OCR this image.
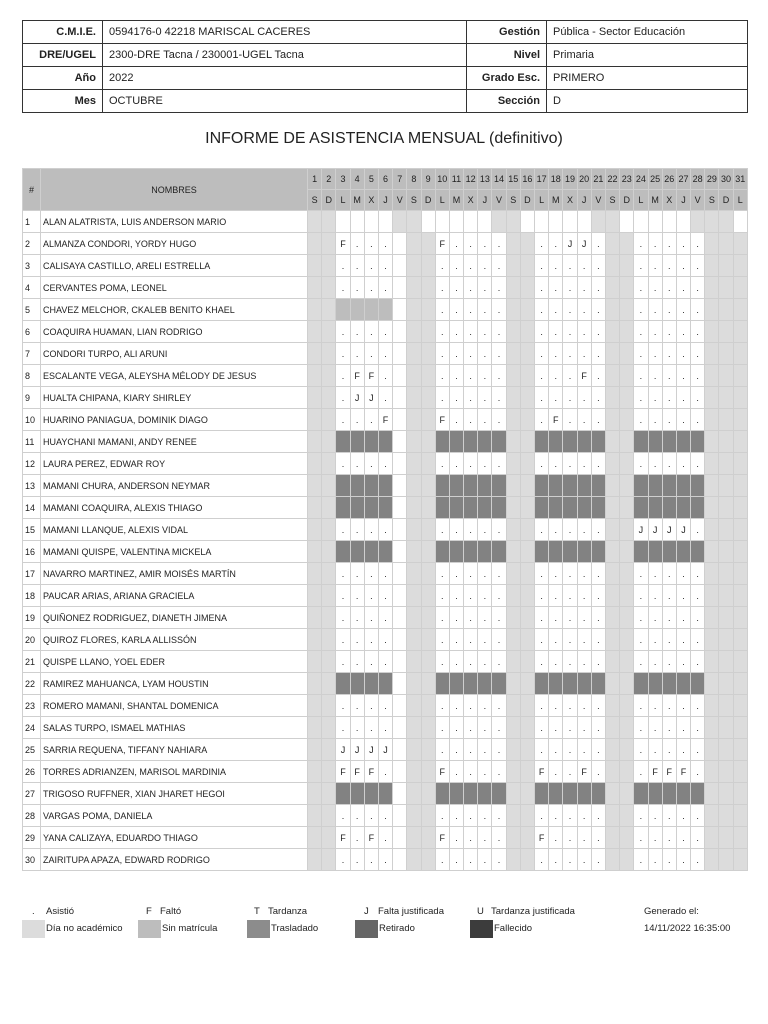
C.M.I.E.	0594176-0 42218 MARISCAL CACERES	Gestión	Pública - Sector Educación
DRE/UGEL	2300-DRE Tacna / 230001-UGEL Tacna	Nivel	Primaria
Año	2022	Grado Esc.	PRIMERO
Mes	OCTUBRE	Sección	D
INFORME DE ASISTENCIA MENSUAL (definitivo)
#	NOMBRES	1	2	3	4	5	6	7	8	9	10	11	12	13	14	15	16	17	18	19	20	21	22	23	24	25	26	27	28	29	30	31
		S	D	L	M	X	J	V	S	D	L	M	X	J	V	S	D	L	M	X	J	V	S	D	L	M	X	J	V	S	D	L
1	ALAN ALATRISTA, LUIS ANDERSON MARIO																															
2	ALMANZA CONDORI, YORDY HUGO			F	.	.	.				F	.	.	.	.			.	.	J	J	.			.	.	.	.	.			
3	CALISAYA CASTILLO, ARELI ESTRELLA			.	.	.	.				.	.	.	.	.			.	.	.	.	.			.	.	.	.	.			
4	CERVANTES POMA, LEONEL			.	.	.	.				.	.	.	.	.			.	.	.	.	.			.	.	.	.	.			
5	CHAVEZ MELCHOR, CKALEB BENITO KHAEL										.	.	.	.	.			.	.	.	.	.			.	.	.	.	.			
6	COAQUIRA HUAMAN, LIAN RODRIGO			.	.	.	.				.	.	.	.	.			.	.	.	.	.			.	.	.	.	.			
7	CONDORI TURPO, ALI ARUNI			.	.	.	.				.	.	.	.	.			.	.	.	.	.			.	.	.	.	.			
8	ESCALANTE VEGA, ALEYSHA MÉLODY DE JESUS			.	F	F	.				.	.	.	.	.			.	.	.	F	.			.	.	.	.	.			
9	HUALTA CHIPANA, KIARY SHIRLEY			.	J	J	.				.	.	.	.	.			.	.	.	.	.			.	.	.	.	.			
10	HUARINO PANIAGUA, DOMINIK DIAGO			.	.	.	F				F	.	.	.	.			.	F	.	.	.			.	.	.	.	.			
11	HUAYCHANI MAMANI, ANDY RENEE																															
12	LAURA PEREZ, EDWAR ROY			.	.	.	.				.	.	.	.	.			.	.	.	.	.			.	.	.	.	.			
13	MAMANI CHURA, ANDERSON NEYMAR																															
14	MAMANI COAQUIRA, ALEXIS THIAGO																															
15	MAMANI LLANQUE, ALEXIS VIDAL			.	.	.	.				.	.	.	.	.			.	.	.	.	.			J	J	J	J	.			
16	MAMANI QUISPE, VALENTINA MICKELA																															
17	NAVARRO MARTINEZ, AMIR MOISÉS MARTÍN			.	.	.	.				.	.	.	.	.			.	.	.	.	.			.	.	.	.	.			
18	PAUCAR ARIAS, ARIANA GRACIELA			.	.	.	.				.	.	.	.	.			.	.	.	.	.			.	.	.	.	.			
19	QUIÑONEZ RODRIGUEZ, DIANETH JIMENA			.	.	.	.				.	.	.	.	.			.	.	.	.	.			.	.	.	.	.			
20	QUIROZ FLORES, KARLA ALLISSÓN			.	.	.	.				.	.	.	.	.			.	.	.	.	.			.	.	.	.	.			
21	QUISPE LLANO, YOEL EDER			.	.	.	.				.	.	.	.	.			.	.	.	.	.			.	.	.	.	.			
22	RAMIREZ MAHUANCA, LYAM HOUSTIN																															
23	ROMERO MAMANI, SHANTAL DOMENICA			.	.	.	.				.	.	.	.	.			.	.	.	.	.			.	.	.	.	.			
24	SALAS TURPO, ISMAEL MATHIAS			.	.	.	.				.	.	.	.	.			.	.	.	.	.			.	.	.	.	.			
25	SARRIA REQUENA, TIFFANY NAHIARA			J	J	J	J				.	.	.	.	.			.	.	.	.	.			.	.	.	.	.			
26	TORRES ADRIANZEN, MARISOL MARDINIA			F	F	F	.				F	.	.	.	.			F	.	.	F	.			.	F	F	F	.			
27	TRIGOSO RUFFNER, XIAN JHARET HEGOI																															
28	VARGAS POMA, DANIELA			.	.	.	.				.	.	.	.	.			.	.	.	.	.			.	.	.	.	.			
29	YANA CALIZAYA, EDUARDO THIAGO			F	.	F	.				F	.	.	.	.			F	.	.	.	.			.	.	.	.	.			
30	ZAIRITUPA APAZA, EDWARD RODRIGO			.	.	.	.				.	.	.	.	.			.	.	.	.	.			.	.	.	.	.			
. Asistió	F Faltó	T Tardanza	J Falta justificada	U Tardanza justificada
Día no académico	Sin matrícula	Trasladado	Retirado	Fallecido
Generado el:
14/11/2022 16:35:00
